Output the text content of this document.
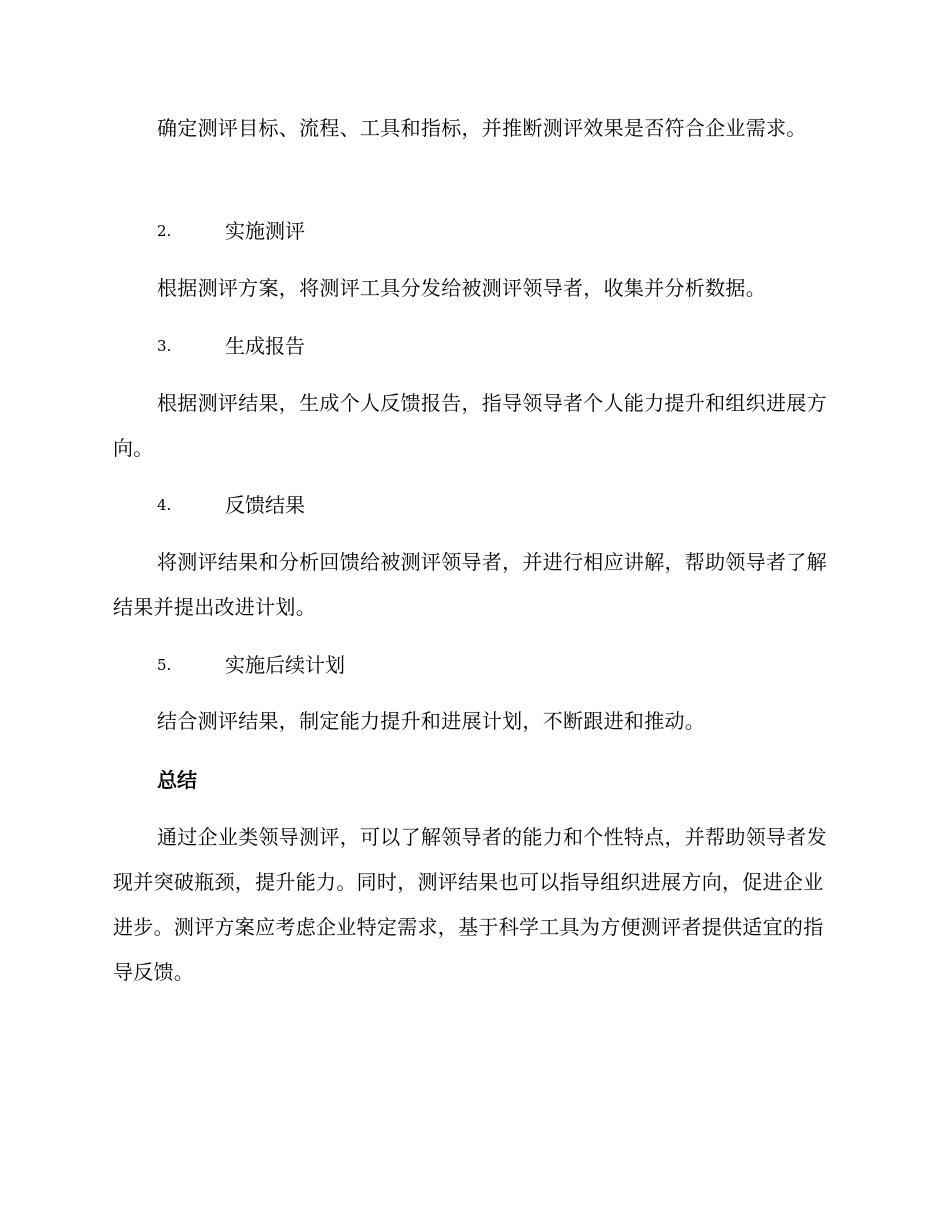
确定测评目标、流程、工具和指标，并推断测评效果是否符合企业需求。

2.	实施测评

根据测评方案，将测评工具分发给被测评领导者，收集并分析数据。

3.	生成报告

根据测评结果，生成个人反馈报告，指导领导者个人能力提升和组织进展方向。

4.	反馈结果

将测评结果和分析回馈给被测评领导者，并进行相应讲解，帮助领导者了解结果并提出改进计划。

5.	实施后续计划

结合测评结果，制定能力提升和进展计划，不断跟进和推动。

总结

通过企业类领导测评，可以了解领导者的能力和个性特点，并帮助领导者发现并突破瓶颈，提升能力。同时，测评结果也可以指导组织进展方向，促进企业进步。测评方案应考虑企业特定需求，基于科学工具为方便测评者提供适宜的指导反馈。
